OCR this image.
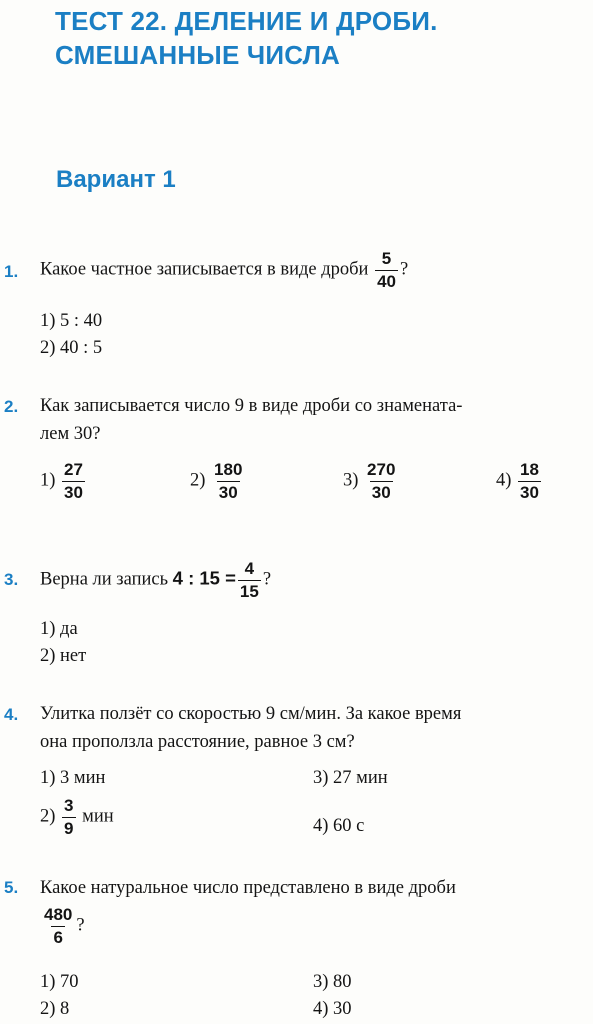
ТЕСТ 22. ДЕЛЕНИЕ И ДРОБИ.
СМЕШАННЫЕ ЧИСЛА
Вариант 1
1. Какое частное записывается в виде дроби $\frac{5}{40}$ ?
1) 5 : 40
2) 40 : 5
2. Как записывается число 9 в виде дроби со знамената-
лем 30?
$1) \frac{27}{30}$	$2) \frac{180}{30}$	$3) \frac{270}{30}$	$4) \frac{18}{30}$
3. Верна ли запись 4 : $15 = \frac{4}{15}$ ?
1) да
2) нет
4. Улитка ползёт со скоростью 9 см/мин. За какое время
она проползла расстояние, равное 3 см?
1) 3 мин	3) 27 мин
$2) \frac{3}{9}$ мин	4) 60 с
5. Какое натуральное число представлено в виде дроби
$\frac{480}{6}$ ?
1) 70	3) 80
2) 8	4) 30
